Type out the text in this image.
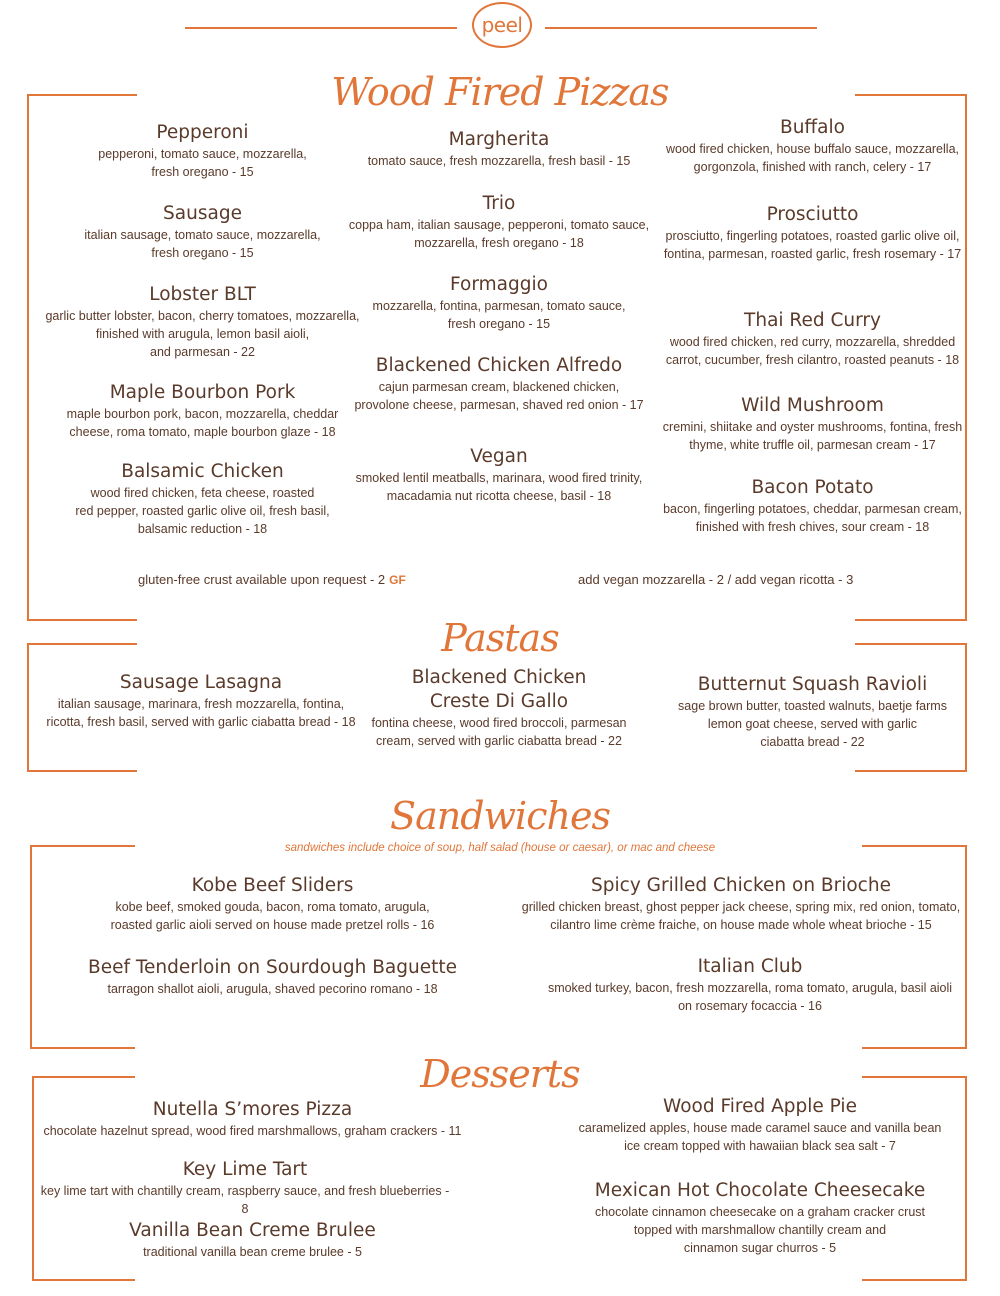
peel
Wood Fired Pizzas
Pepperoni
pepperoni, tomato sauce, mozzarella,
fresh oregano - 15
Sausage
italian sausage, tomato sauce, mozzarella,
fresh oregano - 15
Lobster BLT
garlic butter lobster, bacon, cherry tomatoes, mozzarella,
finished with arugula, lemon basil aioli,
and parmesan - 22
Maple Bourbon Pork
maple bourbon pork, bacon, mozzarella, cheddar
cheese, roma tomato, maple bourbon glaze - 18
Balsamic Chicken
wood fired chicken, feta cheese, roasted
red pepper, roasted garlic olive oil, fresh basil,
balsamic reduction - 18
Margherita
tomato sauce, fresh mozzarella, fresh basil - 15
Trio
coppa ham, italian sausage, pepperoni, tomato sauce,
mozzarella, fresh oregano - 18
Formaggio
mozzarella, fontina, parmesan, tomato sauce,
fresh oregano - 15
Blackened Chicken Alfredo
cajun parmesan cream, blackened chicken,
provolone cheese, parmesan, shaved red onion - 17
Vegan
smoked lentil meatballs, marinara, wood fired trinity,
macadamia nut ricotta cheese, basil - 18
Buffalo
wood fired chicken, house buffalo sauce, mozzarella,
gorgonzola, finished with ranch, celery - 17
Prosciutto
prosciutto, fingerling potatoes, roasted garlic olive oil,
fontina, parmesan, roasted garlic, fresh rosemary - 17
Thai Red Curry
wood fired chicken, red curry, mozzarella, shredded
carrot, cucumber, fresh cilantro, roasted peanuts - 18
Wild Mushroom
cremini, shiitake and oyster mushrooms, fontina, fresh
thyme, white truffle oil, parmesan cream - 17
Bacon Potato
bacon, fingerling potatoes, cheddar, parmesan cream,
finished with fresh chives, sour cream - 18
gluten-free crust available upon request - 2 GF	add vegan mozzarella - 2 / add vegan ricotta - 3
Pastas
Sausage Lasagna
italian sausage, marinara, fresh mozzarella, fontina,
ricotta, fresh basil, served with garlic ciabatta bread - 18
Blackened Chicken
Creste Di Gallo
fontina cheese, wood fired broccoli, parmesan
cream, served with garlic ciabatta bread - 22
Butternut Squash Ravioli
sage brown butter, toasted walnuts, baetje farms
lemon goat cheese, served with garlic
ciabatta bread - 22
Sandwiches
sandwiches include choice of soup, half salad (house or caesar), or mac and cheese
Kobe Beef Sliders
kobe beef, smoked gouda, bacon, roma tomato, arugula,
roasted garlic aioli served on house made pretzel rolls - 16
Beef Tenderloin on Sourdough Baguette
tarragon shallot aioli, arugula, shaved pecorino romano - 18
Spicy Grilled Chicken on Brioche
grilled chicken breast, ghost pepper jack cheese, spring mix, red onion, tomato,
cilantro lime crème fraiche, on house made whole wheat brioche - 15
Italian Club
smoked turkey, bacon, fresh mozzarella, roma tomato, arugula, basil aioli
on rosemary focaccia - 16
Desserts
Nutella S’mores Pizza
chocolate hazelnut spread, wood fired marshmallows, graham crackers - 11
Key Lime Tart
key lime tart with chantilly cream, raspberry sauce, and fresh blueberries - 8
Vanilla Bean Creme Brulee
traditional vanilla bean creme brulee - 5
Wood Fired Apple Pie
caramelized apples, house made caramel sauce and vanilla bean
ice cream topped with hawaiian black sea salt - 7
Mexican Hot Chocolate Cheesecake
chocolate cinnamon cheesecake on a graham cracker crust
topped with marshmallow chantilly cream and
cinnamon sugar churros - 5
